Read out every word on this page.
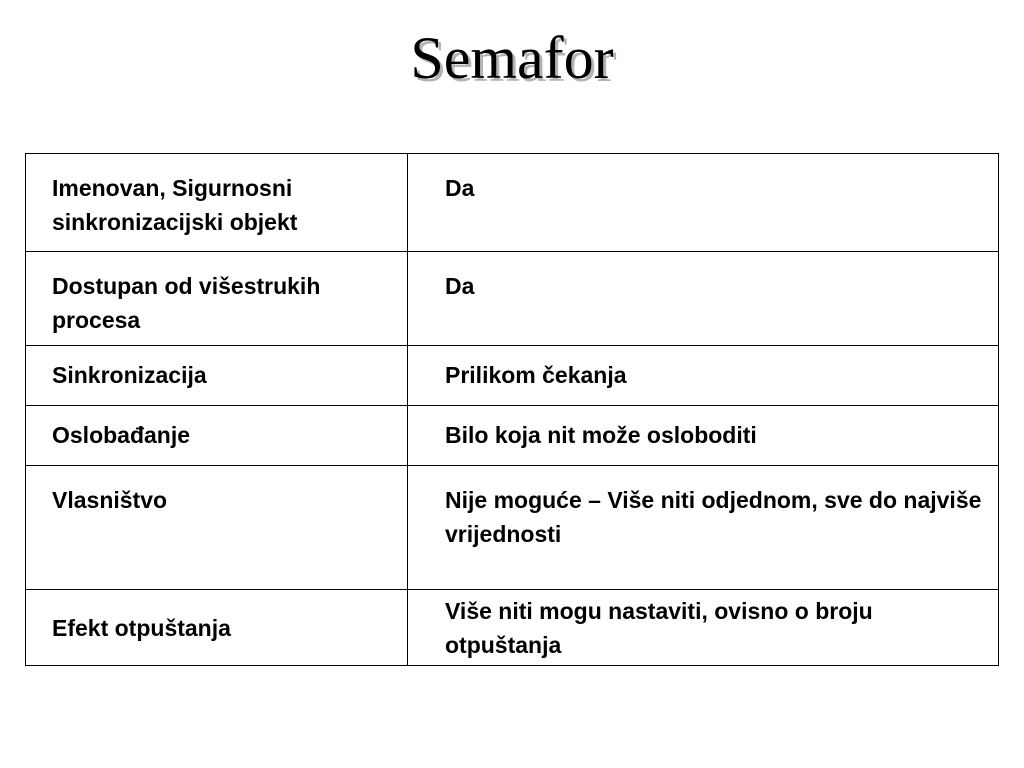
Semafor
Imenovan, Sigurnosni sinkronizacijski objekt	Da
Dostupan od višestrukih procesa	Da
Sinkronizacija	Prilikom čekanja
Oslobađanje	Bilo koja nit može osloboditi
Vlasništvo	Nije moguće – Više niti odjednom, sve do najviše vrijednosti
Efekt otpuštanja	Više niti mogu nastaviti, ovisno o broju otpuštanja
